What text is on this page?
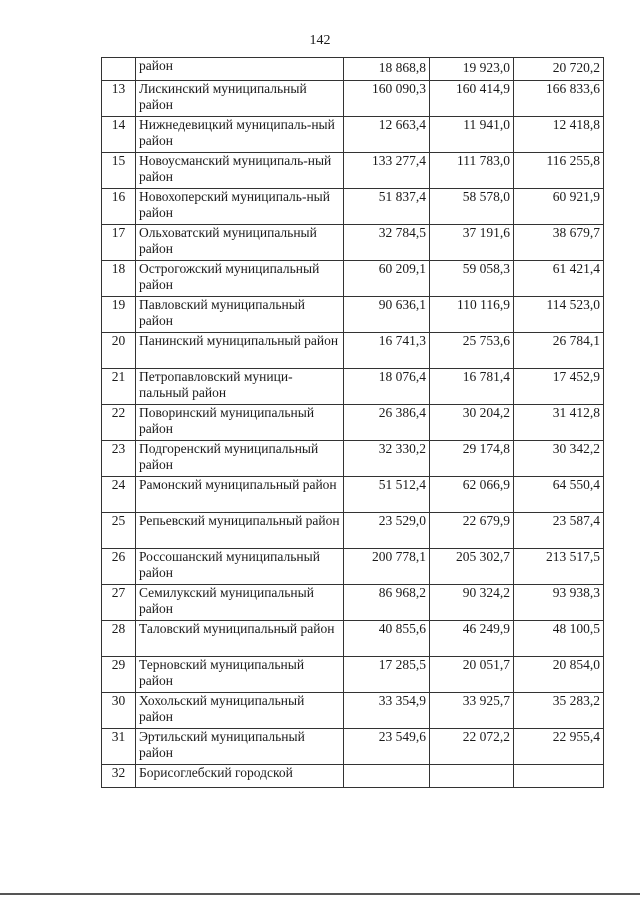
142
	район	18 868,8	19 923,0	20 720,2
13	Лискинский муниципальный район	160 090,3	160 414,9	166 833,6
14	Нижнедевицкий муниципаль-ный район	12 663,4	11 941,0	12 418,8
15	Новоусманский муниципаль-ный район	133 277,4	111 783,0	116 255,8
16	Новохоперский муниципаль-ный район	51 837,4	58 578,0	60 921,9
17	Ольховатский муниципальный район	32 784,5	37 191,6	38 679,7
18	Острогожский муниципальный район	60 209,1	59 058,3	61 421,4
19	Павловский муниципальный район	90 636,1	110 116,9	114 523,0
20	Панинский муниципальный район	16 741,3	25 753,6	26 784,1
21	Петропавловский муници-пальный район	18 076,4	16 781,4	17 452,9
22	Поворинский муниципальный район	26 386,4	30 204,2	31 412,8
23	Подгоренский муниципальный район	32 330,2	29 174,8	30 342,2
24	Рамонский муниципальный район	51 512,4	62 066,9	64 550,4
25	Репьевский муниципальный район	23 529,0	22 679,9	23 587,4
26	Россошанский муниципальный район	200 778,1	205 302,7	213 517,5
27	Семилукский муниципальный район	86 968,2	90 324,2	93 938,3
28	Таловский муниципальный район	40 855,6	46 249,9	48 100,5
29	Терновский муниципальный район	17 285,5	20 051,7	20 854,0
30	Хохольский муниципальный район	33 354,9	33 925,7	35 283,2
31	Эртильский муниципальный район	23 549,6	22 072,2	22 955,4
32	Борисоглебский городской			
